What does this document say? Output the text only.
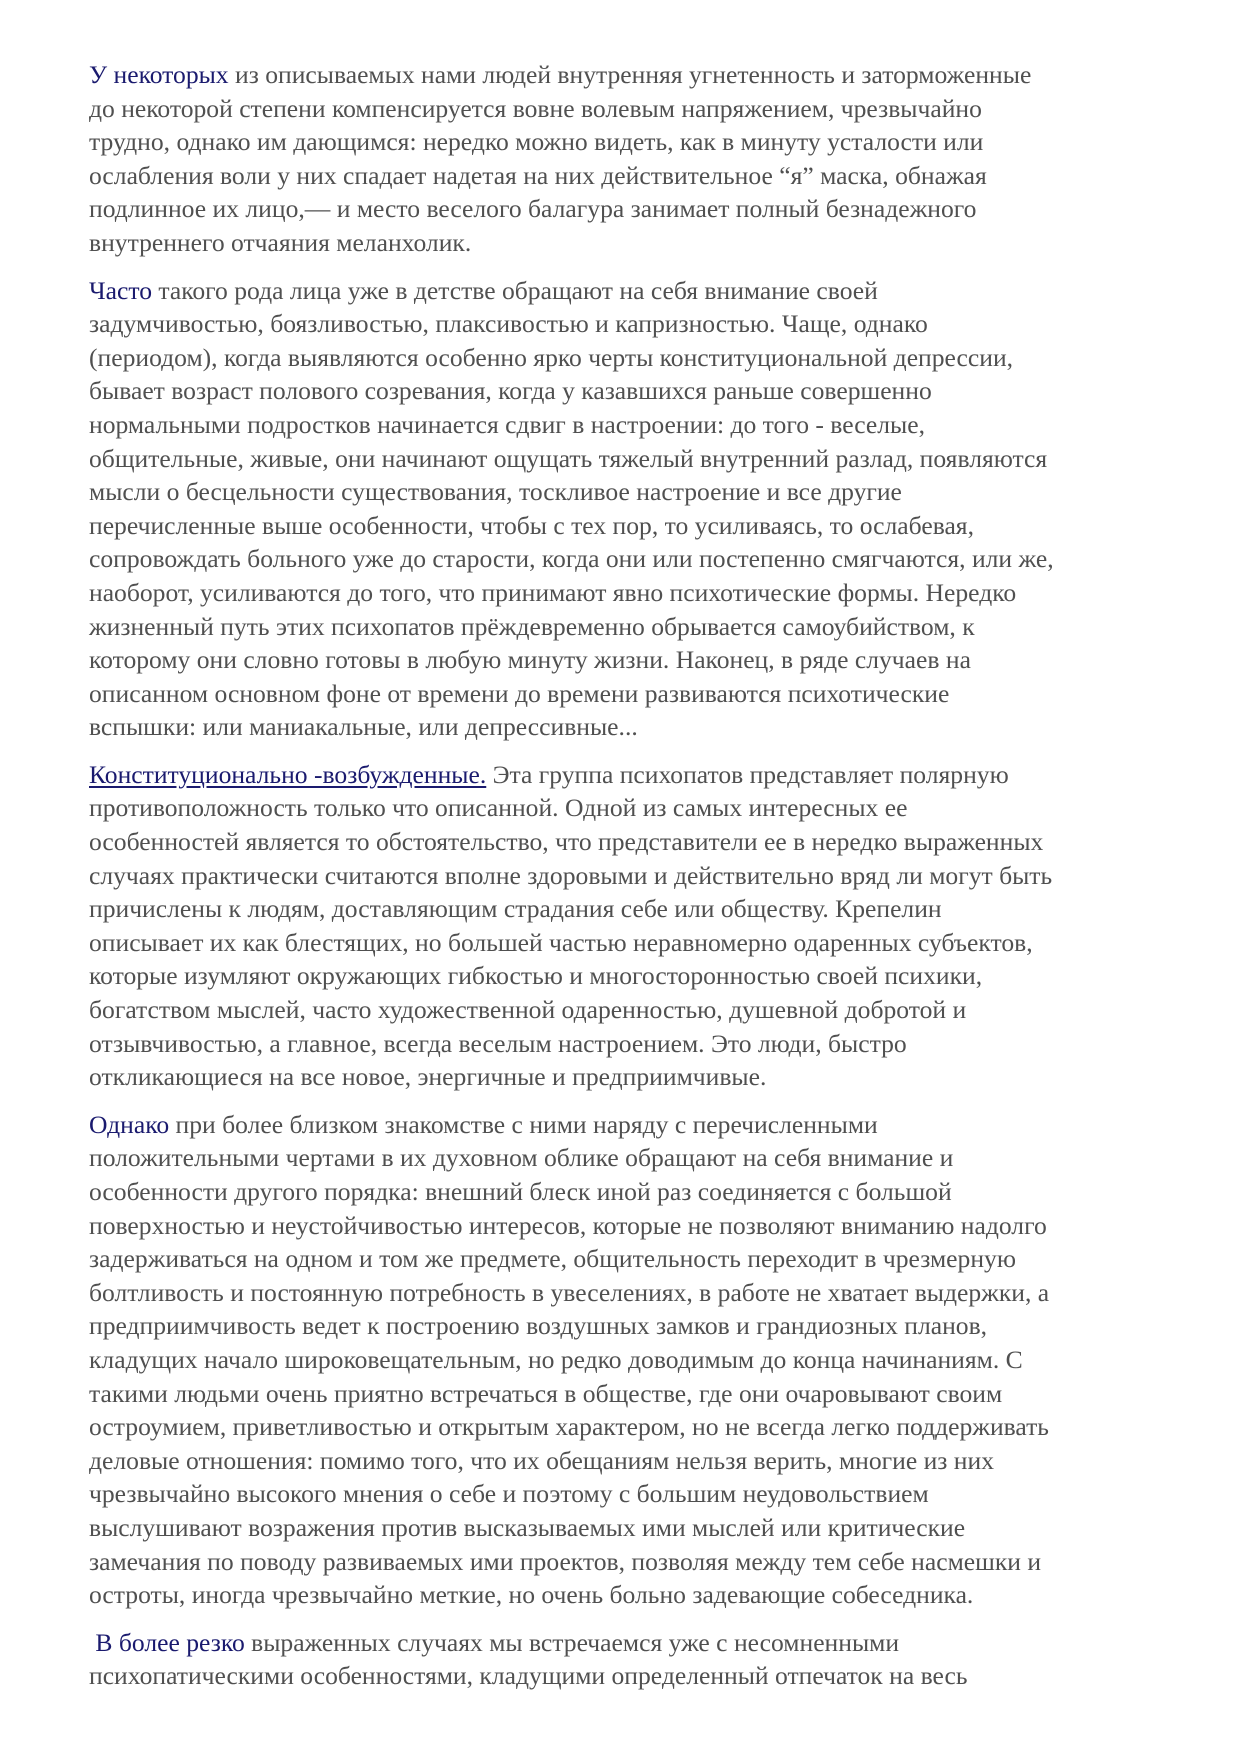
У некоторых из описываемых нами людей внутренняя угнетенность и заторможенные
до некоторой степени компенсируется вовне волевым напряжением, чрезвычайно
трудно, однако им дающимся: нередко можно видеть, как в минуту усталости или
ослабления воли у них спадает надетая на них действительное “я” маска, обнажая
подлинное их лицо,— и место веселого балагура занимает полный безнадежного
внутреннего отчаяния меланхолик.

Часто такого рода лица уже в детстве обращают на себя внимание своей
задумчивостью, боязливостью, плаксивостью и капризностью. Чаще, однако
(периодом), когда выявляются особенно ярко черты конституциональной депрессии,
бывает возраст полового созревания, когда у казавшихся раньше совершенно
нормальными подростков начинается сдвиг в настроении: до того - веселые,
общительные, живые, они начинают ощущать тяжелый внутренний разлад, появляются
мысли о бесцельности существования, тоскливое настроение и все другие
перечисленные выше особенности, чтобы с тех пор, то усиливаясь, то ослабевая,
сопровождать больного уже до старости, когда они или постепенно смягчаются, или же,
наоборот, усиливаются до того, что принимают явно психотические формы. Нередко
жизненный путь этих психопатов прёждевременно обрывается самоубийством, к
которому они словно готовы в любую минуту жизни. Наконец, в ряде случаев на
описанном основном фоне от времени до времени развиваются психотические
вспышки: или маниакальные, или депрессивные...

Конституционально -возбужденные. Эта группа психопатов представляет полярную
противоположность только что описанной. Одной из самых интересных ее
особенностей является то обстоятельство, что представители ее в нередко выраженных
случаях практически считаются вполне здоровыми и действительно вряд ли могут быть
причислены к людям, доставляющим страдания себе или обществу. Крепелин
описывает их как блестящих, но большей частью неравномерно одаренных субъектов,
которые изумляют окружающих гибкостью и многосторонностью своей психики,
богатством мыслей, часто художественной одаренностью, душевной добротой и
отзывчивостью, а главное, всегда веселым настроением. Это люди, быстро
откликающиеся на все новое, энергичные и предприимчивые.

Однако при более близком знакомстве с ними наряду с перечисленными
положительными чертами в их духовном облике обращают на себя внимание и
особенности другого порядка: внешний блеск иной раз соединяется с большой
поверхностью и неустойчивостью интересов, которые не позволяют вниманию надолго
задерживаться на одном и том же предмете, общительность переходит в чрезмерную
болтливость и постоянную потребность в увеселениях, в работе не хватает выдержки, а
предприимчивость ведет к построению воздушных замков и грандиозных планов,
кладущих начало широковещательным, но редко доводимым до конца начинаниям. С
такими людьми очень приятно встречаться в обществе, где они очаровывают своим
остроумием, приветливостью и открытым характером, но не всегда легко поддерживать
деловые отношения: помимо того, что их обещаниям нельзя верить, многие из них
чрезвычайно высокого мнения о себе и поэтому с большим неудовольствием
выслушивают возражения против высказываемых ими мыслей или критические
замечания по поводу развиваемых ими проектов, позволяя между тем себе насмешки и
остроты, иногда чрезвычайно меткие, но очень больно задевающие собеседника.

В более резко выраженных случаях мы встречаемся уже с несомненными
психопатическими особенностями, кладущими определенный отпечаток на весь
